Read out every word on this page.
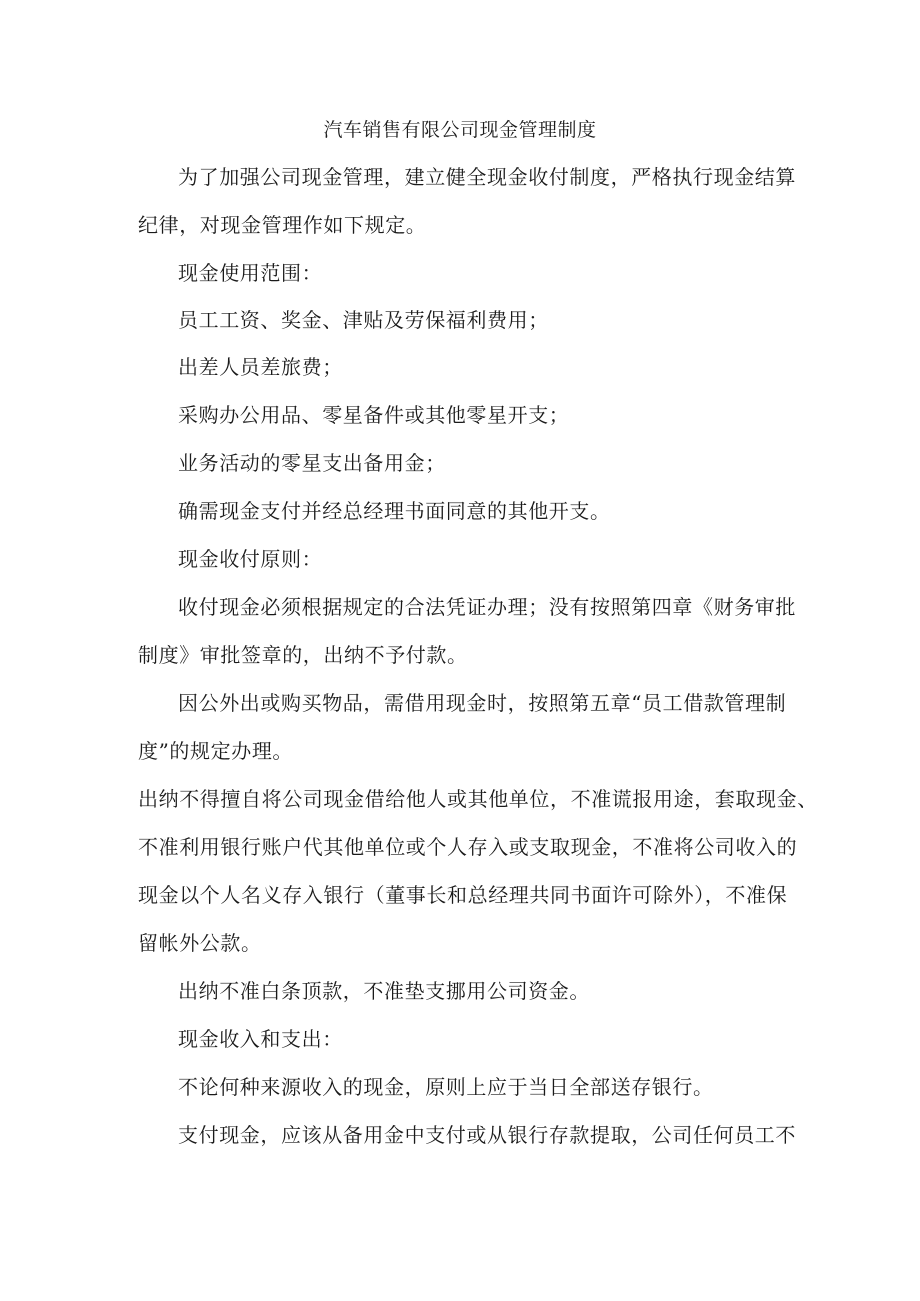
汽车销售有限公司现金管理制度
为了加强公司现金管理，建立健全现金收付制度，严格执行现金结算
纪律，对现金管理作如下规定。
现金使用范围：
员工工资、奖金、津贴及劳保福利费用；
出差人员差旅费；
采购办公用品、零星备件或其他零星开支；
业务活动的零星支出备用金；
确需现金支付并经总经理书面同意的其他开支。
现金收付原则：
收付现金必须根据规定的合法凭证办理；没有按照第四章《财务审批
制度》审批签章的，出纳不予付款。
因公外出或购买物品，需借用现金时，按照第五章“员工借款管理制
度”的规定办理。
出纳不得擅自将公司现金借给他人或其他单位，不准谎报用途，套取现金、
不准利用银行账户代其他单位或个人存入或支取现金，不准将公司收入的
现金以个人名义存入银行（董事长和总经理共同书面许可除外），不准保
留帐外公款。
出纳不准白条顶款，不准垫支挪用公司资金。
现金收入和支出：
不论何种来源收入的现金，原则上应于当日全部送存银行。
支付现金，应该从备用金中支付或从银行存款提取，公司任何员工不
